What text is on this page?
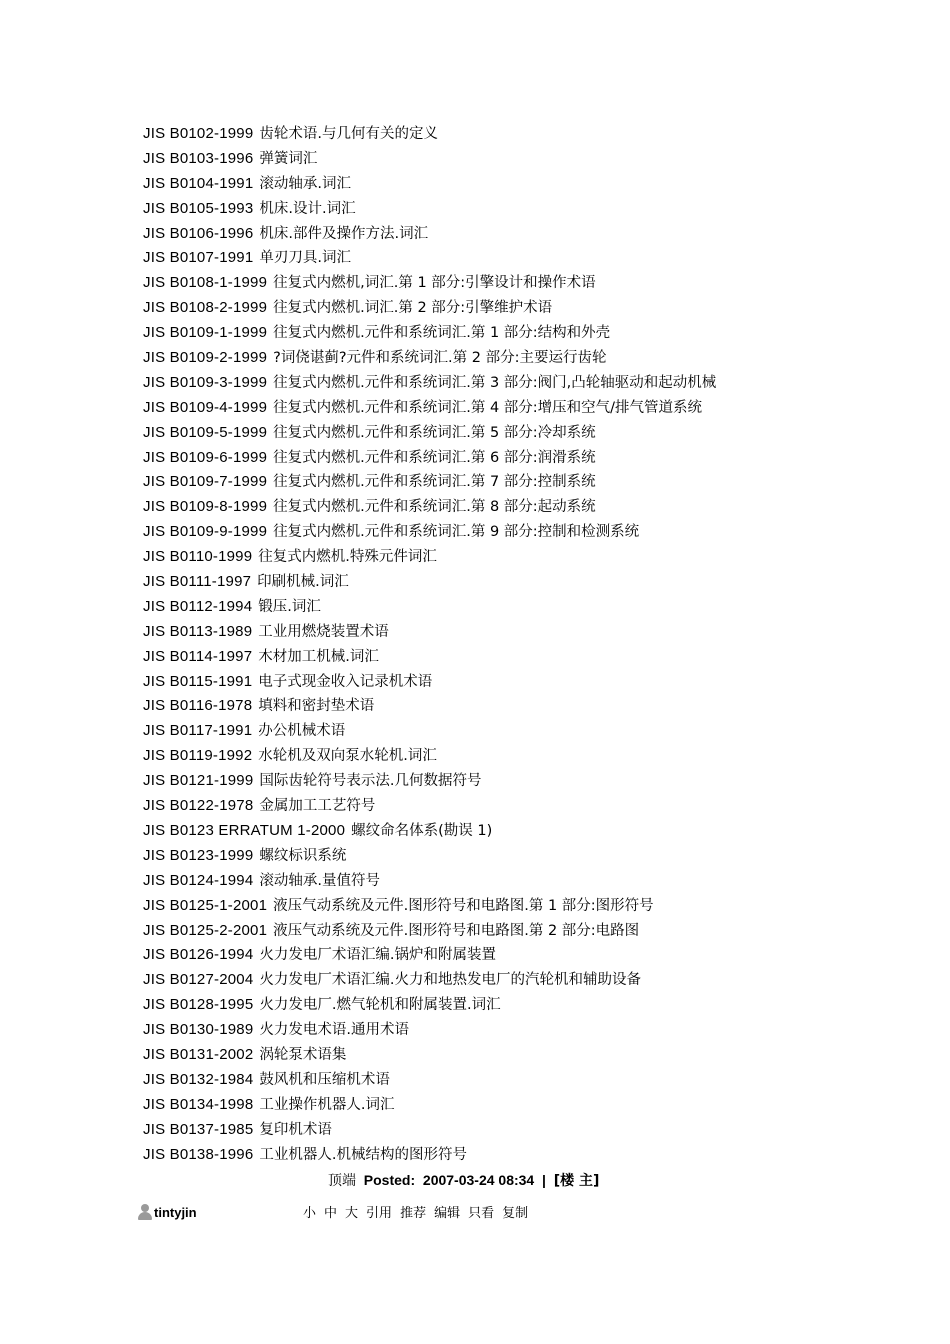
JIS B0102-1999 齿轮术语.与几何有关的定义
JIS B0103-1996 弹簧词汇
JIS B0104-1991 滚动轴承.词汇
JIS B0105-1993 机床.设计.词汇
JIS B0106-1996 机床.部件及操作方法.词汇
JIS B0107-1991 单刃刀具.词汇
JIS B0108-1-1999 往复式内燃机,词汇.第 1 部分:引擎设计和操作术语
JIS B0108-2-1999 往复式内燃机.词汇.第 2 部分:引擎维护术语
JIS B0109-1-1999 往复式内燃机.元件和系统词汇.第 1 部分:结构和外壳
JIS B0109-2-1999 ?词侥谌蓟?元件和系统词汇.第 2 部分:主要运行齿轮
JIS B0109-3-1999 往复式内燃机.元件和系统词汇.第 3 部分:阀门,凸轮轴驱动和起动机械
JIS B0109-4-1999 往复式内燃机.元件和系统词汇.第 4 部分:增压和空气/排气管道系统
JIS B0109-5-1999 往复式内燃机.元件和系统词汇.第 5 部分:冷却系统
JIS B0109-6-1999 往复式内燃机.元件和系统词汇.第 6 部分:润滑系统
JIS B0109-7-1999 往复式内燃机.元件和系统词汇.第 7 部分:控制系统
JIS B0109-8-1999 往复式内燃机.元件和系统词汇.第 8 部分:起动系统
JIS B0109-9-1999 往复式内燃机.元件和系统词汇.第 9 部分:控制和检测系统
JIS B0110-1999 往复式内燃机.特殊元件词汇
JIS B0111-1997 印刷机械.词汇
JIS B0112-1994 锻压.词汇
JIS B0113-1989 工业用燃烧装置术语
JIS B0114-1997 木材加工机械.词汇
JIS B0115-1991 电子式现金收入记录机术语
JIS B0116-1978 填料和密封垫术语
JIS B0117-1991 办公机械术语
JIS B0119-1992 水轮机及双向泵水轮机.词汇
JIS B0121-1999 国际齿轮符号表示法.几何数据符号
JIS B0122-1978 金属加工工艺符号
JIS B0123 ERRATUM 1-2000 螺纹命名体系(勘误 1)
JIS B0123-1999 螺纹标识系统
JIS B0124-1994 滚动轴承.量值符号
JIS B0125-1-2001 液压气动系统及元件.图形符号和电路图.第 1 部分:图形符号
JIS B0125-2-2001 液压气动系统及元件.图形符号和电路图.第 2 部分:电路图
JIS B0126-1994 火力发电厂术语汇编.锅炉和附属装置
JIS B0127-2004 火力发电厂术语汇编.火力和地热发电厂的汽轮机和辅助设备
JIS B0128-1995 火力发电厂.燃气轮机和附属装置.词汇
JIS B0130-1989 火力发电术语.通用术语
JIS B0131-2002 涡轮泵术语集
JIS B0132-1984 鼓风机和压缩机术语
JIS B0134-1998 工业操作机器人.词汇
JIS B0137-1985 复印机术语
JIS B0138-1996 工业机器人.机械结构的图形符号
顶端 Posted: 2007-03-24 08:34 | [楼 主]
tintyjin	小 中 大 引用 推荐 编辑 只看 复制
